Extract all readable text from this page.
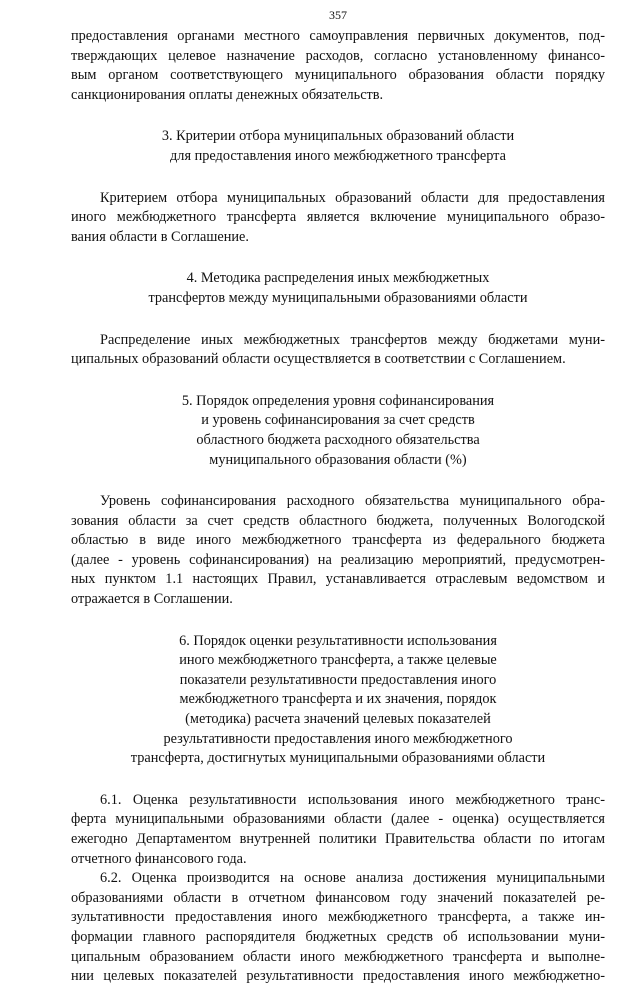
357
предоставления органами местного самоуправления первичных документов, под-
тверждающих целевое назначение расходов, согласно установленному финансо-
вым органом соответствующего муниципального образования области порядку
санкционирования оплаты денежных обязательств.
3. Критерии отбора муниципальных образований области
для предоставления иного межбюджетного трансферта
Критерием отбора муниципальных образований области для предоставления
иного межбюджетного трансферта является включение муниципального образо-
вания области в Соглашение.
4. Методика распределения иных межбюджетных
трансфертов между муниципальными образованиями области
Распределение иных межбюджетных трансфертов между бюджетами муни-
ципальных образований области осуществляется в соответствии с Соглашением.
5. Порядок определения уровня софинансирования
и уровень софинансирования за счет средств
областного бюджета расходного обязательства
муниципального образования области (%)
Уровень софинансирования расходного обязательства муниципального обра-
зования области за счет средств областного бюджета, полученных Вологодской
областью в виде иного межбюджетного трансферта из федерального бюджета
(далее - уровень софинансирования) на реализацию мероприятий, предусмотрен-
ных пунктом 1.1 настоящих Правил, устанавливается отраслевым ведомством и
отражается в Соглашении.
6. Порядок оценки результативности использования
иного межбюджетного трансферта, а также целевые
показатели результативности предоставления иного
межбюджетного трансферта и их значения, порядок
(методика) расчета значений целевых показателей
результативности предоставления иного межбюджетного
трансферта, достигнутых муниципальными образованиями области
6.1. Оценка результативности использования иного межбюджетного транс-
ферта муниципальными образованиями области (далее - оценка) осуществляется
ежегодно Департаментом внутренней политики Правительства области по итогам
отчетного финансового года.
6.2. Оценка производится на основе анализа достижения муниципальными
образованиями области в отчетном финансовом году значений показателей ре-
зультативности предоставления иного межбюджетного трансферта, а также ин-
формации главного распорядителя бюджетных средств об использовании муни-
ципальным образованием области иного межбюджетного трансферта и выполне-
нии целевых показателей результативности предоставления иного межбюджетно-
